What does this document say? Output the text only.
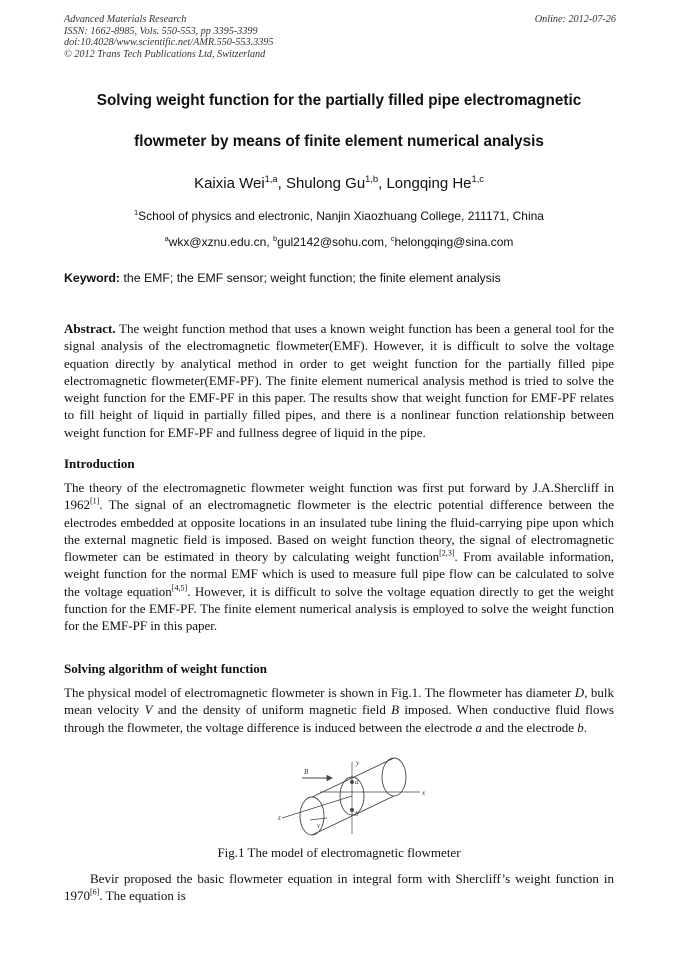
Advanced Materials Research
ISSN: 1662-8985, Vols. 550-553, pp 3395-3399
doi:10.4028/www.scientific.net/AMR.550-553.3395
© 2012 Trans Tech Publications Ltd, Switzerland
Online: 2012-07-26
Solving weight function for the partially filled pipe electromagnetic
flowmeter by means of finite element numerical analysis
Kaixia Wei$^{1,a}$, Shulong Gu$^{1,b}$, Longqing He$^{1,c}$
$^1$School of physics and electronic, Nanjin Xiaozhuang College, 211171, China
$^a$wkx@xznu.edu.cn, $^b$gul2142@sohu.com, $^c$helongqing@sina.com
Keyword: the EMF; the EMF sensor; weight function; the finite element analysis

Abstract. The weight function method that uses a known weight function has been a general tool for the signal analysis of the electromagnetic flowmeter(EMF). However, it is difficult to solve the voltage equation directly by analytical method in order to get weight function for the partially filled pipe electromagnetic flowmeter(EMF-PF). The finite element numerical analysis method is tried to solve the weight function for the EMF-PF in this paper. The results show that weight function for EMF-PF relates to fill height of liquid in partially filled pipes, and there is a nonlinear function relationship between weight function for EMF-PF and fullness degree of liquid in the pipe.

Introduction

The theory of the electromagnetic flowmeter weight function was first put forward by J.A.Shercliff in 1962[1]. The signal of an electromagnetic flowmeter is the electric potential difference between the electrodes embedded at opposite locations in an insulated tube lining the fluid-carrying pipe upon which the external magnetic field is imposed. Based on weight function theory, the signal of electromagnetic flowmeter can be estimated in theory by calculating weight function[2,3]. From available information, weight function for the normal EMF which is used to measure full pipe flow can be calculated to solve the voltage equation[4,5]. However, it is difficult to solve the voltage equation directly to get the weight function for the EMF-PF. The finite element numerical analysis is employed to solve the weight function for the EMF-PF in this paper.

Solving algorithm of weight function

The physical model of electromagnetic flowmeter is shown in Fig.1. The flowmeter has diameter D, bulk mean velocity V and the density of uniform magnetic field B imposed. When conductive fluid flows through the flowmeter, the voltage difference is induced between the electrode a and the electrode b.

B
y
x
z
a
b
v
Fig.1 The model of electromagnetic flowmeter

Bevir proposed the basic flowmeter equation in integral form with Shercliff’s weight function in 1970[6]. The equation is
